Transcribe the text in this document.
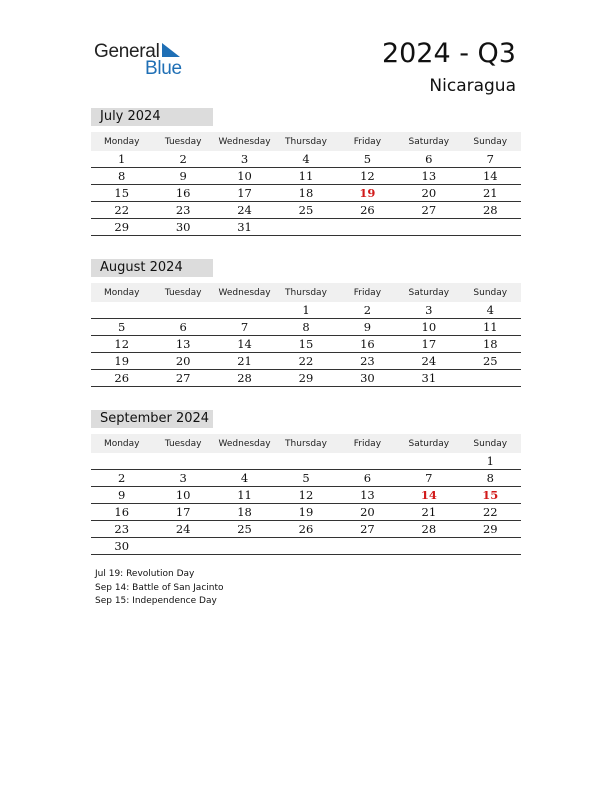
General
Blue	2024 - Q3
Nicaragua
July 2024
Monday	Tuesday	Wednesday	Thursday	Friday	Saturday	Sunday
1	2	3	4	5	6	7
8	9	10	11	12	13	14
15	16	17	18	19	20	21
22	23	24	25	26	27	28
29	30	31				
August 2024
Monday	Tuesday	Wednesday	Thursday	Friday	Saturday	Sunday
			1	2	3	4
5	6	7	8	9	10	11
12	13	14	15	16	17	18
19	20	21	22	23	24	25
26	27	28	29	30	31	
September 2024
Monday	Tuesday	Wednesday	Thursday	Friday	Saturday	Sunday
						1
2	3	4	5	6	7	8
9	10	11	12	13	14	15
16	17	18	19	20	21	22
23	24	25	26	27	28	29
30						
Jul 19: Revolution Day
Sep 14: Battle of San Jacinto
Sep 15: Independence Day
